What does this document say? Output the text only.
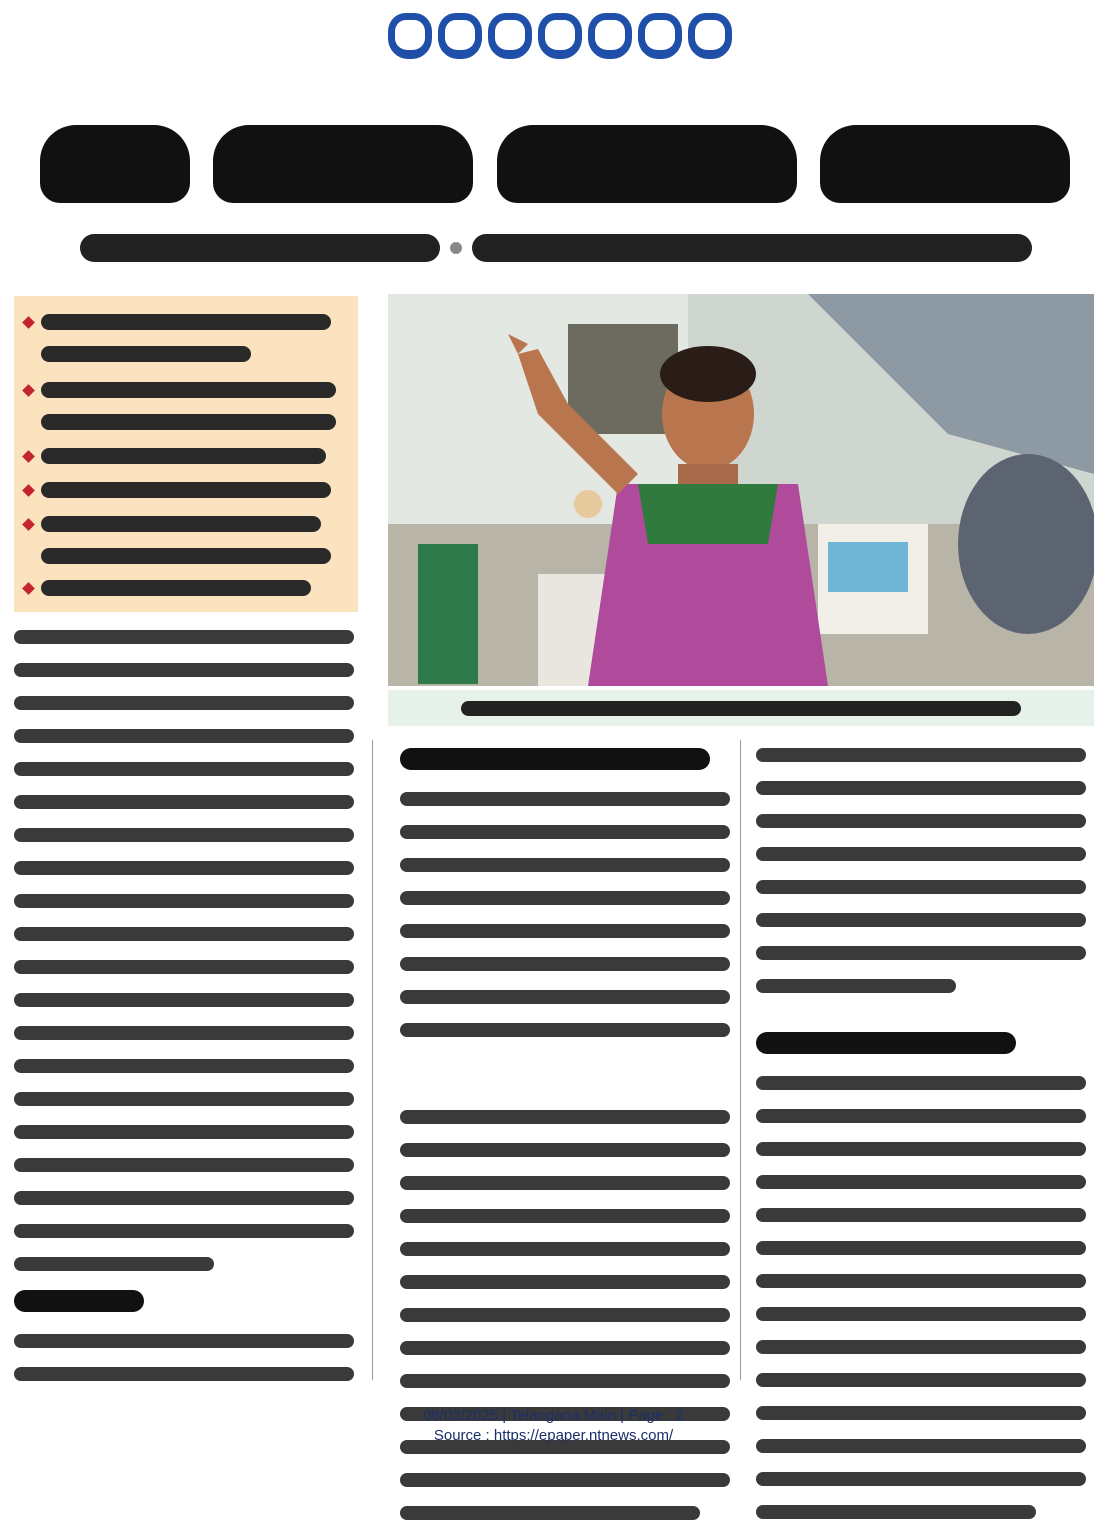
08/02/2025 | Telangana Main | Page : 2
Source : https://epaper.ntnews.com/
